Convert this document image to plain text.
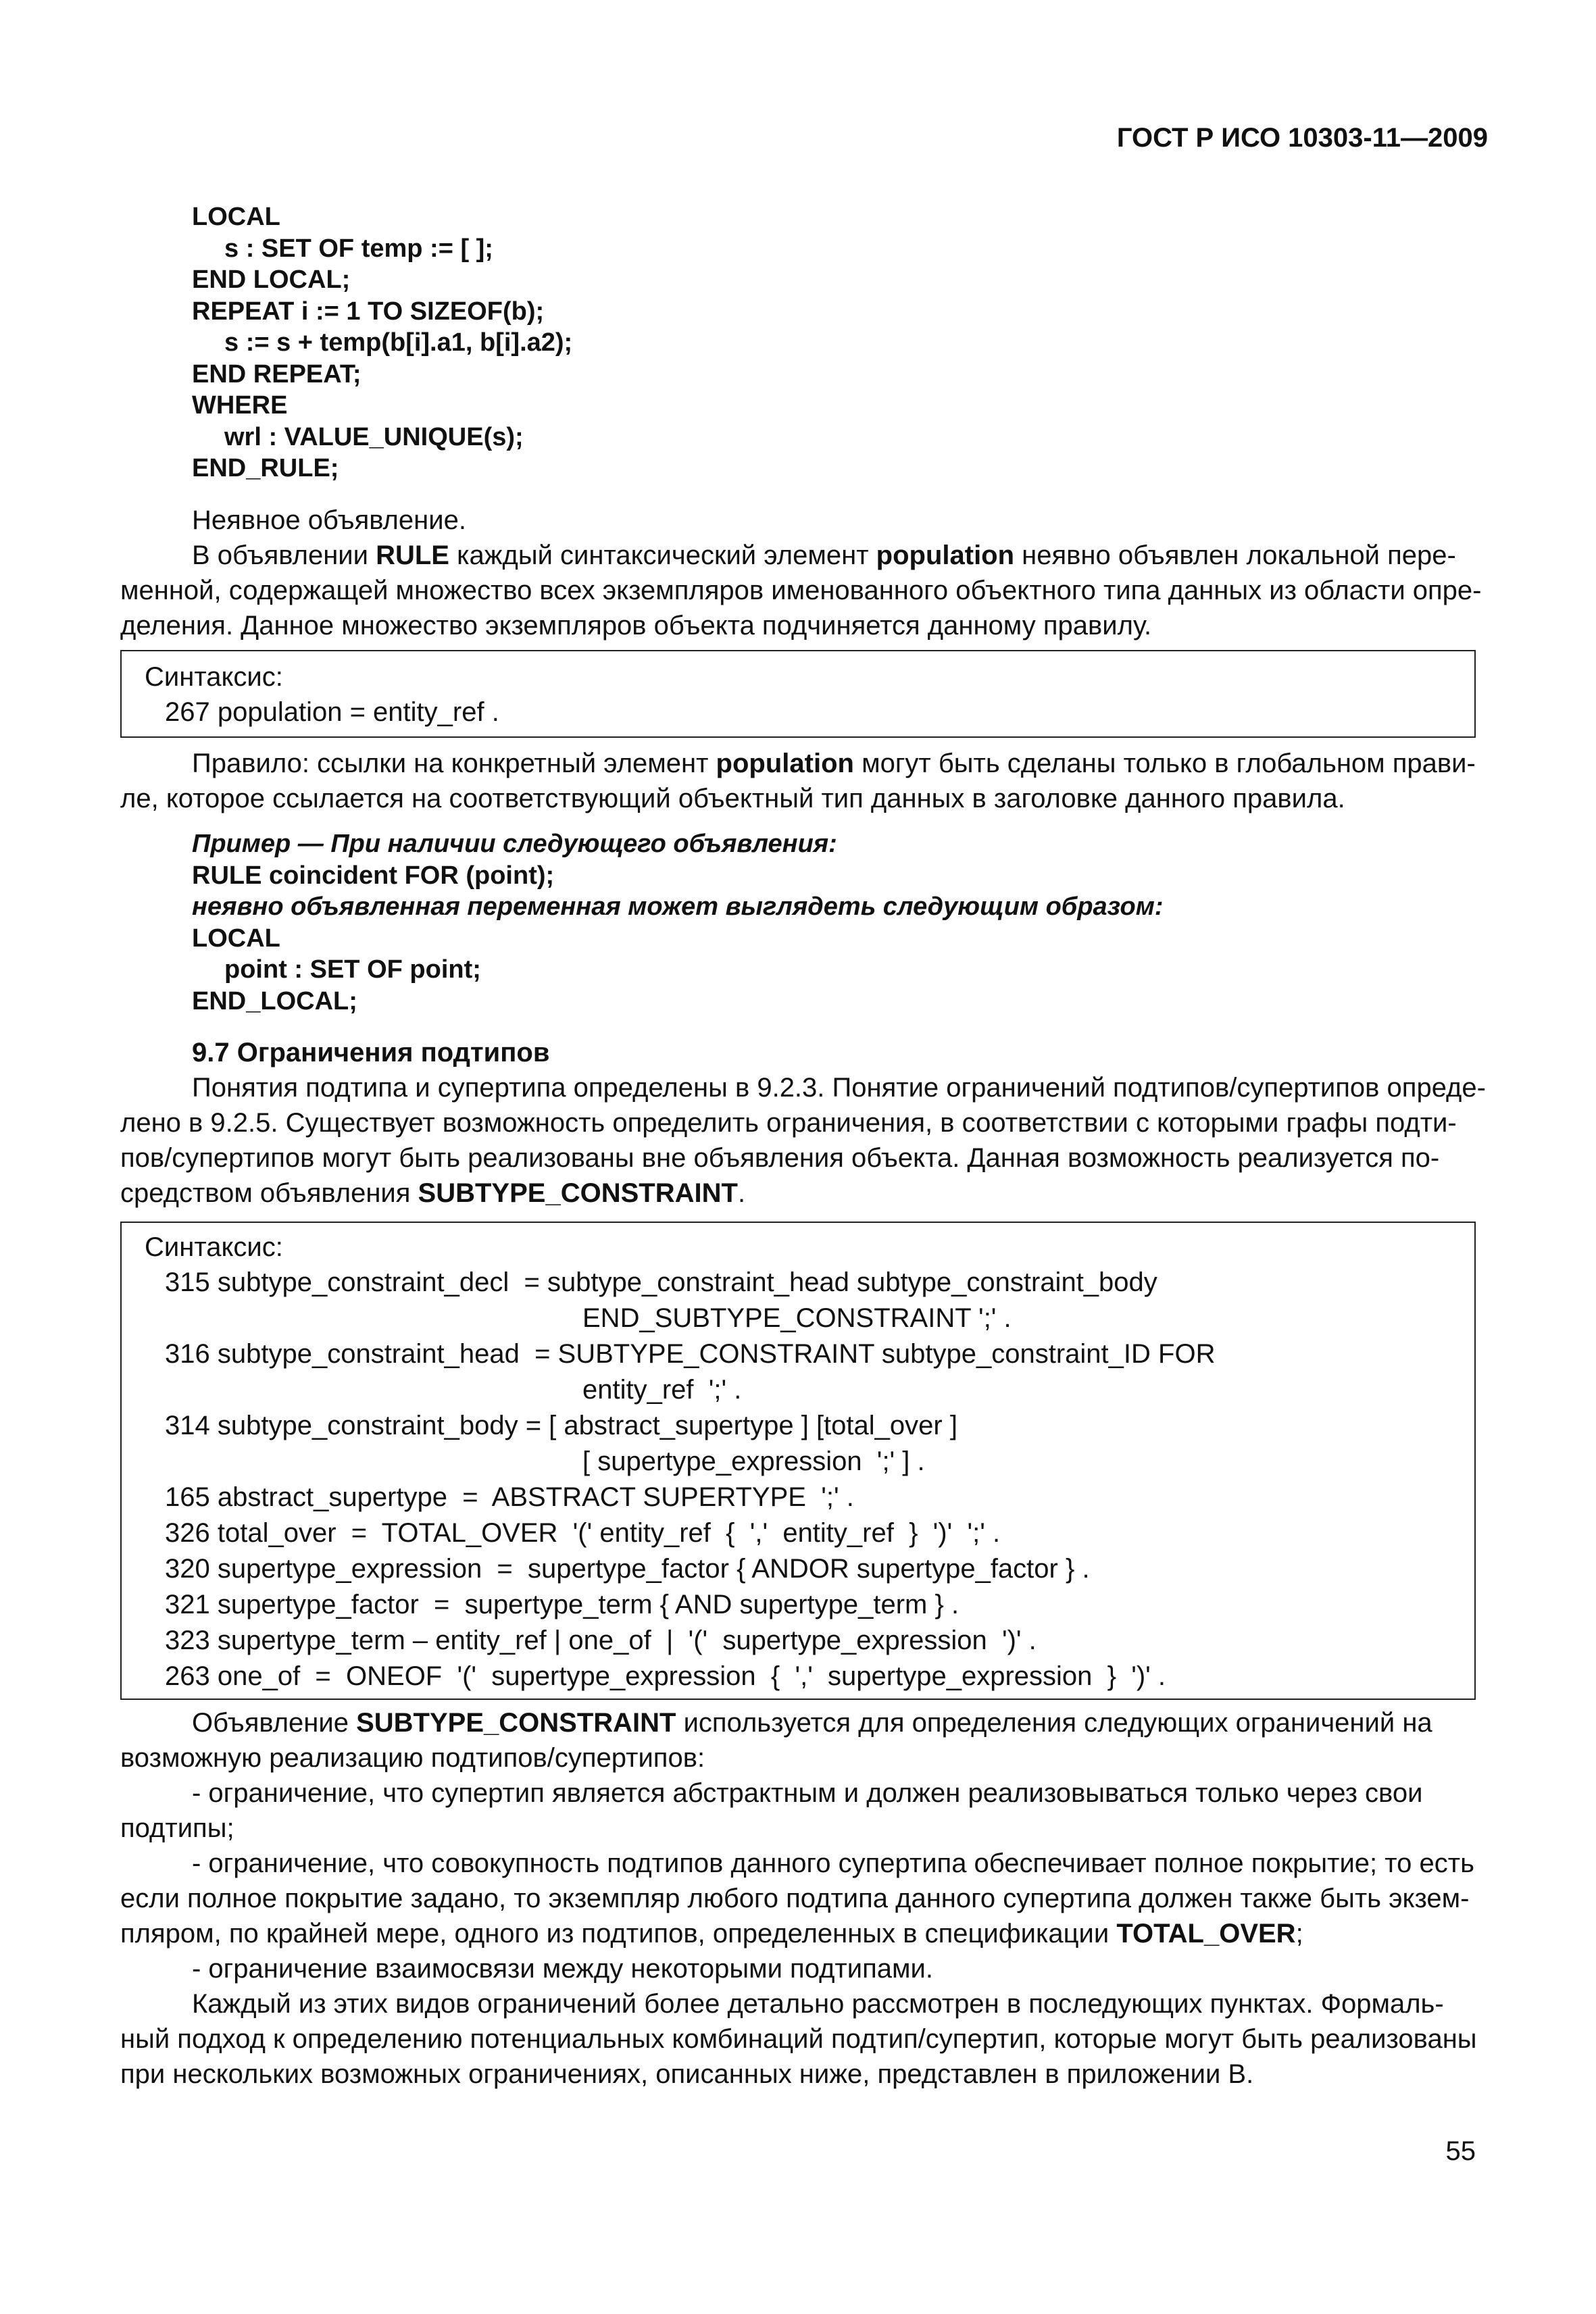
ГОСТ Р ИСО 10303-11—2009
LOCAL
s : SET OF temp := [ ];
END LOCAL;
REPEAT i := 1 TO SIZEOF(b);
s := s + temp(b[i].a1, b[i].a2);
END REPEAT;
WHERE
wrl : VALUE_UNIQUE(s);
END_RULE;
Неявное объявление.
В объявлении RULE каждый синтаксический элемент population неявно объявлен локальной пере-
менной, содержащей множество всех экземпляров именованного объектного типа данных из области опре-
деления. Данное множество экземпляров объекта подчиняется данному правилу.
Синтаксис:
267 population = entity_ref .
Правило: ссылки на конкретный элемент population могут быть сделаны только в глобальном прави-
ле, которое ссылается на соответствующий объектный тип данных в заголовке данного правила.
Пример — При наличии следующего объявления:
RULE coincident FOR (point);
неявно объявленная переменная может выглядеть следующим образом:
LOCAL
point : SET OF point;
END_LOCAL;
9.7 Ограничения подтипов
Понятия подтипа и супертипа определены в 9.2.3. Понятие ограничений подтипов/супертипов опреде-
лено в 9.2.5. Существует возможность определить ограничения, в соответствии с которыми графы подти-
пов/супертипов могут быть реализованы вне объявления объекта. Данная возможность реализуется по-
средством объявления SUBTYPE_CONSTRAINT.
Синтаксис:
315 subtype_constraint_decl  = subtype_constraint_head subtype_constraint_body
END_SUBTYPE_CONSTRAINT ';' .
316 subtype_constraint_head  = SUBTYPE_CONSTRAINT subtype_constraint_ID FOR
entity_ref  ';' .
314 subtype_constraint_body = [ abstract_supertype ] [total_over ]
[ supertype_expression  ';' ] .
165 abstract_supertype  =  ABSTRACT SUPERTYPE  ';' .
326 total_over  =  TOTAL_OVER  '(' entity_ref  {  ','  entity_ref  }  ')'  ';' .
320 supertype_expression  =  supertype_factor { ANDOR supertype_factor } .
321 supertype_factor  =  supertype_term { AND supertype_term } .
323 supertype_term – entity_ref | one_of  |  '('  supertype_expression  ')' .
263 one_of  =  ONEOF  '('  supertype_expression  {  ','  supertype_expression  }  ')' .
Объявление SUBTYPE_CONSTRAINT используется для определения следующих ограничений на
возможную реализацию подтипов/супертипов:
- ограничение, что супертип является абстрактным и должен реализовываться только через свои
подтипы;
- ограничение, что совокупность подтипов данного супертипа обеспечивает полное покрытие; то есть
если полное покрытие задано, то экземпляр любого подтипа данного супертипа должен также быть экзем-
пляром, по крайней мере, одного из подтипов, определенных в спецификации TOTAL_OVER;
- ограничение взаимосвязи между некоторыми подтипами.
Каждый из этих видов ограничений более детально рассмотрен в последующих пунктах. Формаль-
ный подход к определению потенциальных комбинаций подтип/супертип, которые могут быть реализованы
при нескольких возможных ограничениях, описанных ниже, представлен в приложении В.
55
